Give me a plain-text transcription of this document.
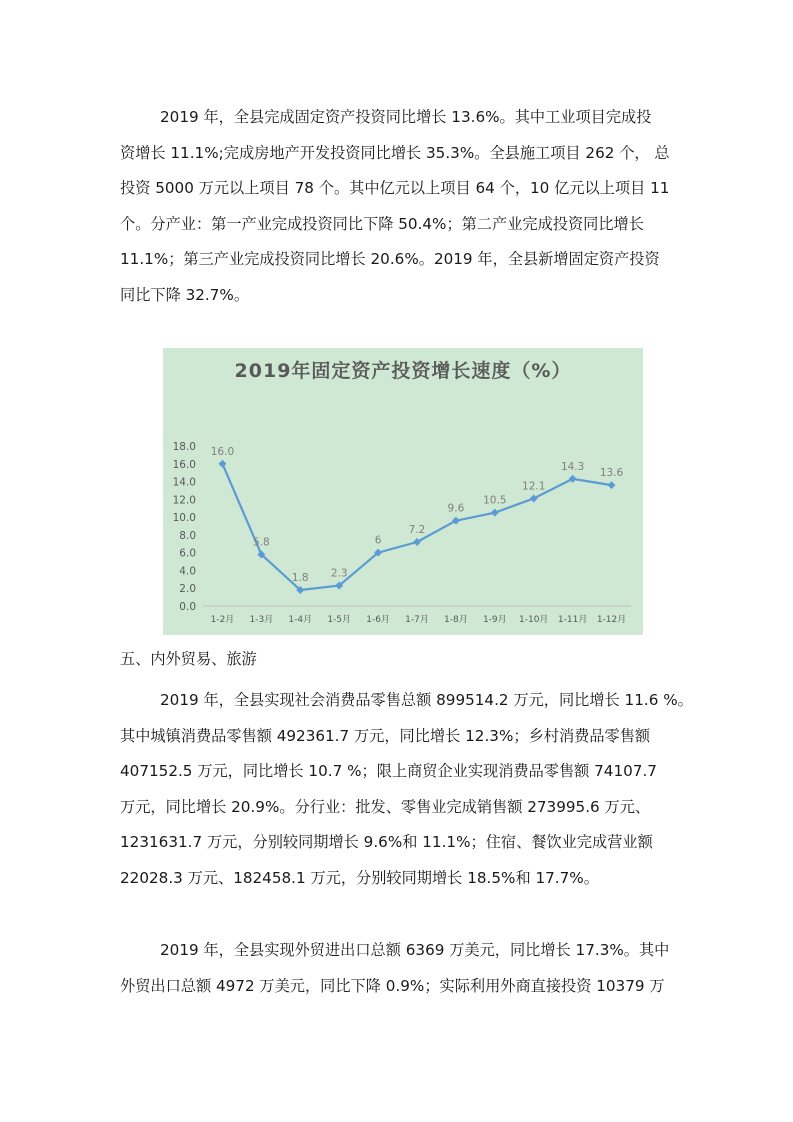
2019 年，全县完成固定资产投资同比增长 13.6%。其中工业项目完成投
资增长 11.1%;完成房地产开发投资同比增长 35.3%。全县施工项目 262 个， 总
投资 5000 万元以上项目 78 个。其中亿元以上项目 64 个，10 亿元以上项目 11
个。分产业：第一产业完成投资同比下降 50.4%；第二产业完成投资同比增长
11.1%；第三产业完成投资同比增长 20.6%。2019 年，全县新增固定资产投资
同比下降 32.7%。
2019年固定资产投资增长速度（%）
0.0
2.0
4.0
6.0
8.0
10.0
12.0
14.0
16.0
18.0
1-2月 1-3月 1-4月 1-5月 1-6月 1-7月 1-8月 1-9月 1-10月 1-11月 1-12月
16.0
5.8
1.8 2.3
6
7.2
9.6
10.5
12.1
14.3
13.6
五、内外贸易、旅游
2019 年，全县实现社会消费品零售总额 899514.2 万元，同比增长 11.6 %。
其中城镇消费品零售额 492361.7 万元，同比增长 12.3%；乡村消费品零售额
407152.5 万元，同比增长 10.7 %；限上商贸企业实现消费品零售额 74107.7
万元，同比增长 20.9%。分行业：批发、零售业完成销售额 273995.6 万元、
1231631.7 万元，分别较同期增长 9.6%和 11.1%；住宿、餐饮业完成营业额
22028.3 万元、182458.1 万元，分别较同期增长 18.5%和 17.7%。
2019 年，全县实现外贸进出口总额 6369 万美元，同比增长 17.3%。其中
外贸出口总额 4972 万美元，同比下降 0.9%；实际利用外商直接投资 10379 万
